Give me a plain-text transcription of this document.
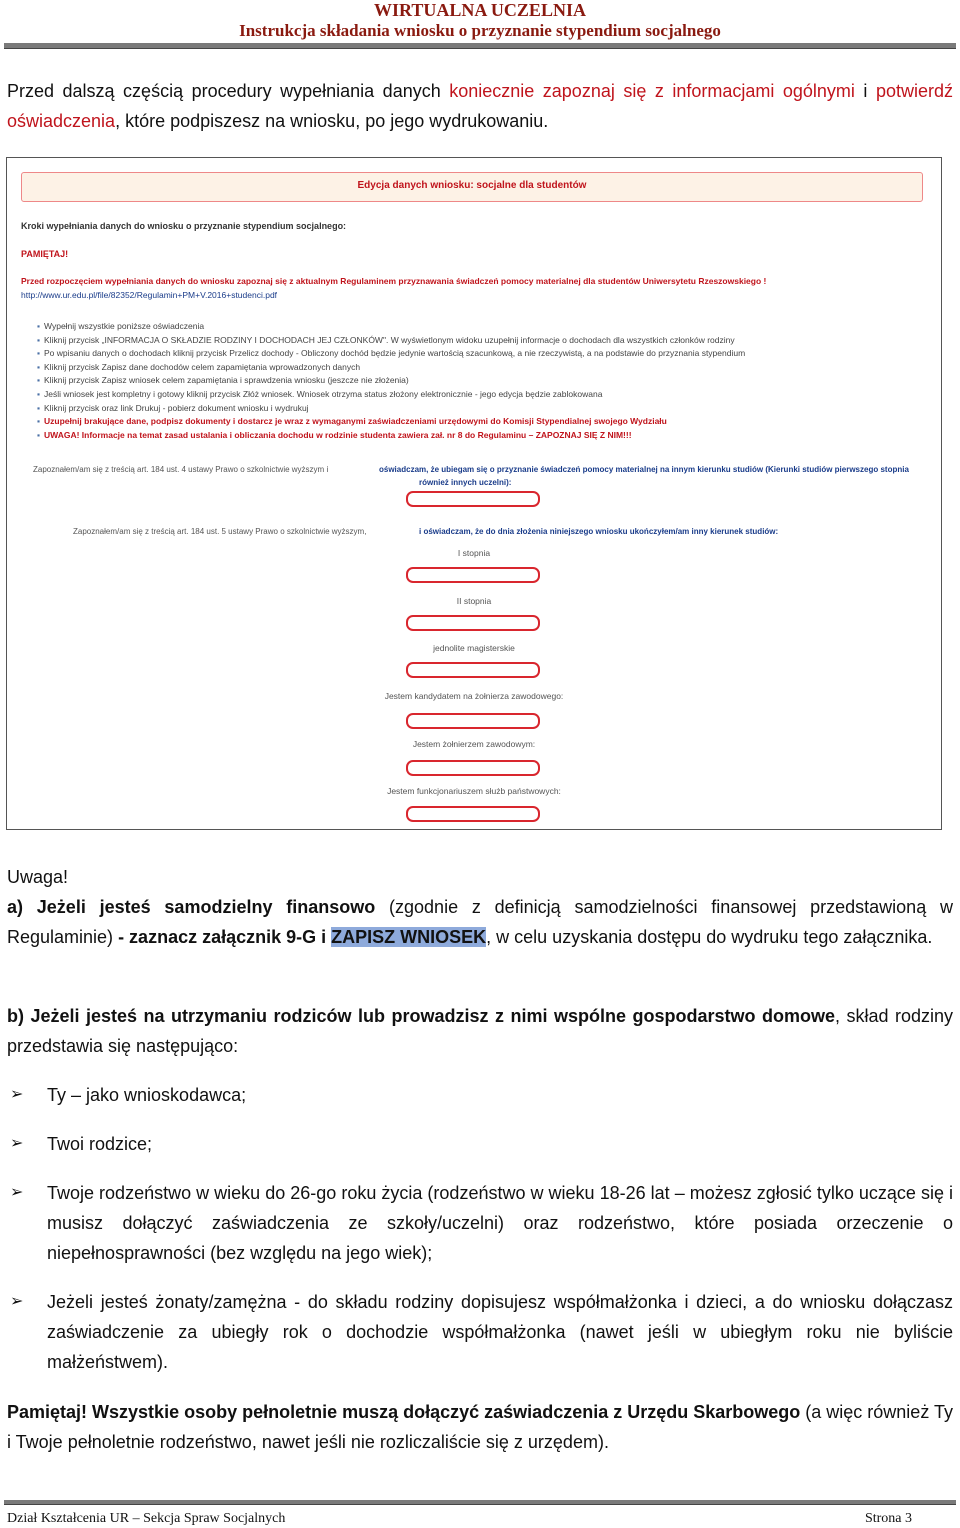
WIRTUALNA UCZELNIA
Instrukcja składania wniosku o przyznanie stypendium socjalnego
Przed dalszą częścią procedury wypełniania danych koniecznie zapoznaj się z informacjami ogólnymi i potwierdź oświadczenia, które podpiszesz na wniosku, po jego wydrukowaniu.
Edycja danych wniosku: socjalne dla studentów
Kroki wypełniania danych do wniosku o przyznanie stypendium socjalnego:
PAMIĘTAJ!
Przed rozpoczęciem wypełniania danych do wniosku zapoznaj się z aktualnym Regulaminem przyznawania świadczeń pomocy materialnej dla studentów Uniwersytetu Rzeszowskiego !
http://www.ur.edu.pl/file/82352/Regulamin+PM+V.2016+studenci.pdf
▪ Wypełnij wszystkie poniższe oświadczenia
▪ Kliknij przycisk „INFORMACJA O SKŁADZIE RODZINY I DOCHODACH JEJ CZŁONKÓW". W wyświetlonym widoku uzupełnij informacje o dochodach dla wszystkich członków rodziny
▪ Po wpisaniu danych o dochodach kliknij przycisk Przelicz dochody - Obliczony dochód będzie jedynie wartością szacunkową, a nie rzeczywistą, a na podstawie do przyznania stypendium
▪ Kliknij przycisk Zapisz dane dochodów celem zapamiętania wprowadzonych danych
▪ Kliknij przycisk Zapisz wniosek celem zapamiętania i sprawdzenia wniosku (jeszcze nie złożenia)
▪ Jeśli wniosek jest kompletny i gotowy kliknij przycisk Złóż wniosek. Wniosek otrzyma status złożony elektronicznie - jego edycja będzie zablokowana
▪ Kliknij przycisk oraz link Drukuj - pobierz dokument wniosku i wydrukuj
▪ Uzupełnij brakujące dane, podpisz dokumenty i dostarcz je wraz z wymaganymi zaświadczeniami urzędowymi do Komisji Stypendialnej swojego Wydziału
▪ UWAGA! Informacje na temat zasad ustalania i obliczania dochodu w rodzinie studenta zawiera zał. nr 8 do Regulaminu – ZAPOZNAJ SIĘ Z NIM!!!
Zapoznałem/am się z treścią art. 184 ust. 4 ustawy Prawo o szkolnictwie wyższym i	oświadczam, że ubiegam się o przyznanie świadczeń pomocy materialnej na innym kierunku studiów (Kierunki studiów pierwszego stopnia
również innych uczelni):
Zapoznałem/am się z treścią art. 184 ust. 5 ustawy Prawo o szkolnictwie wyższym,	i oświadczam, że do dnia złożenia niniejszego wniosku ukończyłem/am inny kierunek studiów:
I stopnia
II stopnia
jednolite magisterskie
Jestem kandydatem na żołnierza zawodowego:
Jestem żołnierzem zawodowym:
Jestem funkcjonariuszem służb państwowych:
Uwaga!
a) Jeżeli jesteś samodzielny finansowo (zgodnie z definicją samodzielności finansowej przedstawioną w Regulaminie) - zaznacz załącznik 9-G i ZAPISZ WNIOSEK, w celu uzyskania dostępu do wydruku tego załącznika.
b) Jeżeli jesteś na utrzymaniu rodziców lub prowadzisz z nimi wspólne gospodarstwo domowe, skład rodziny przedstawia się następująco:
➢ Ty – jako wnioskodawca;
➢ Twoi rodzice;
➢ Twoje rodzeństwo w wieku do 26-go roku życia (rodzeństwo w wieku 18-26 lat – możesz zgłosić tylko uczące się i musisz dołączyć zaświadczenia ze szkoły/uczelni) oraz rodzeństwo, które posiada orzeczenie o niepełnosprawności (bez względu na jego wiek);
➢ Jeżeli jesteś żonaty/zamężna - do składu rodziny dopisujesz współmałżonka i dzieci, a do wniosku dołączasz zaświadczenie za ubiegły rok o dochodzie współmałżonka (nawet jeśli w ubiegłym roku nie byliście małżeństwem).
Pamiętaj! Wszystkie osoby pełnoletnie muszą dołączyć zaświadczenia z Urzędu Skarbowego (a więc również Ty i Twoje pełnoletnie rodzeństwo, nawet jeśli nie rozliczaliście się z urzędem).
Dział Kształcenia UR – Sekcja Spraw Socjalnych	Strona 3
